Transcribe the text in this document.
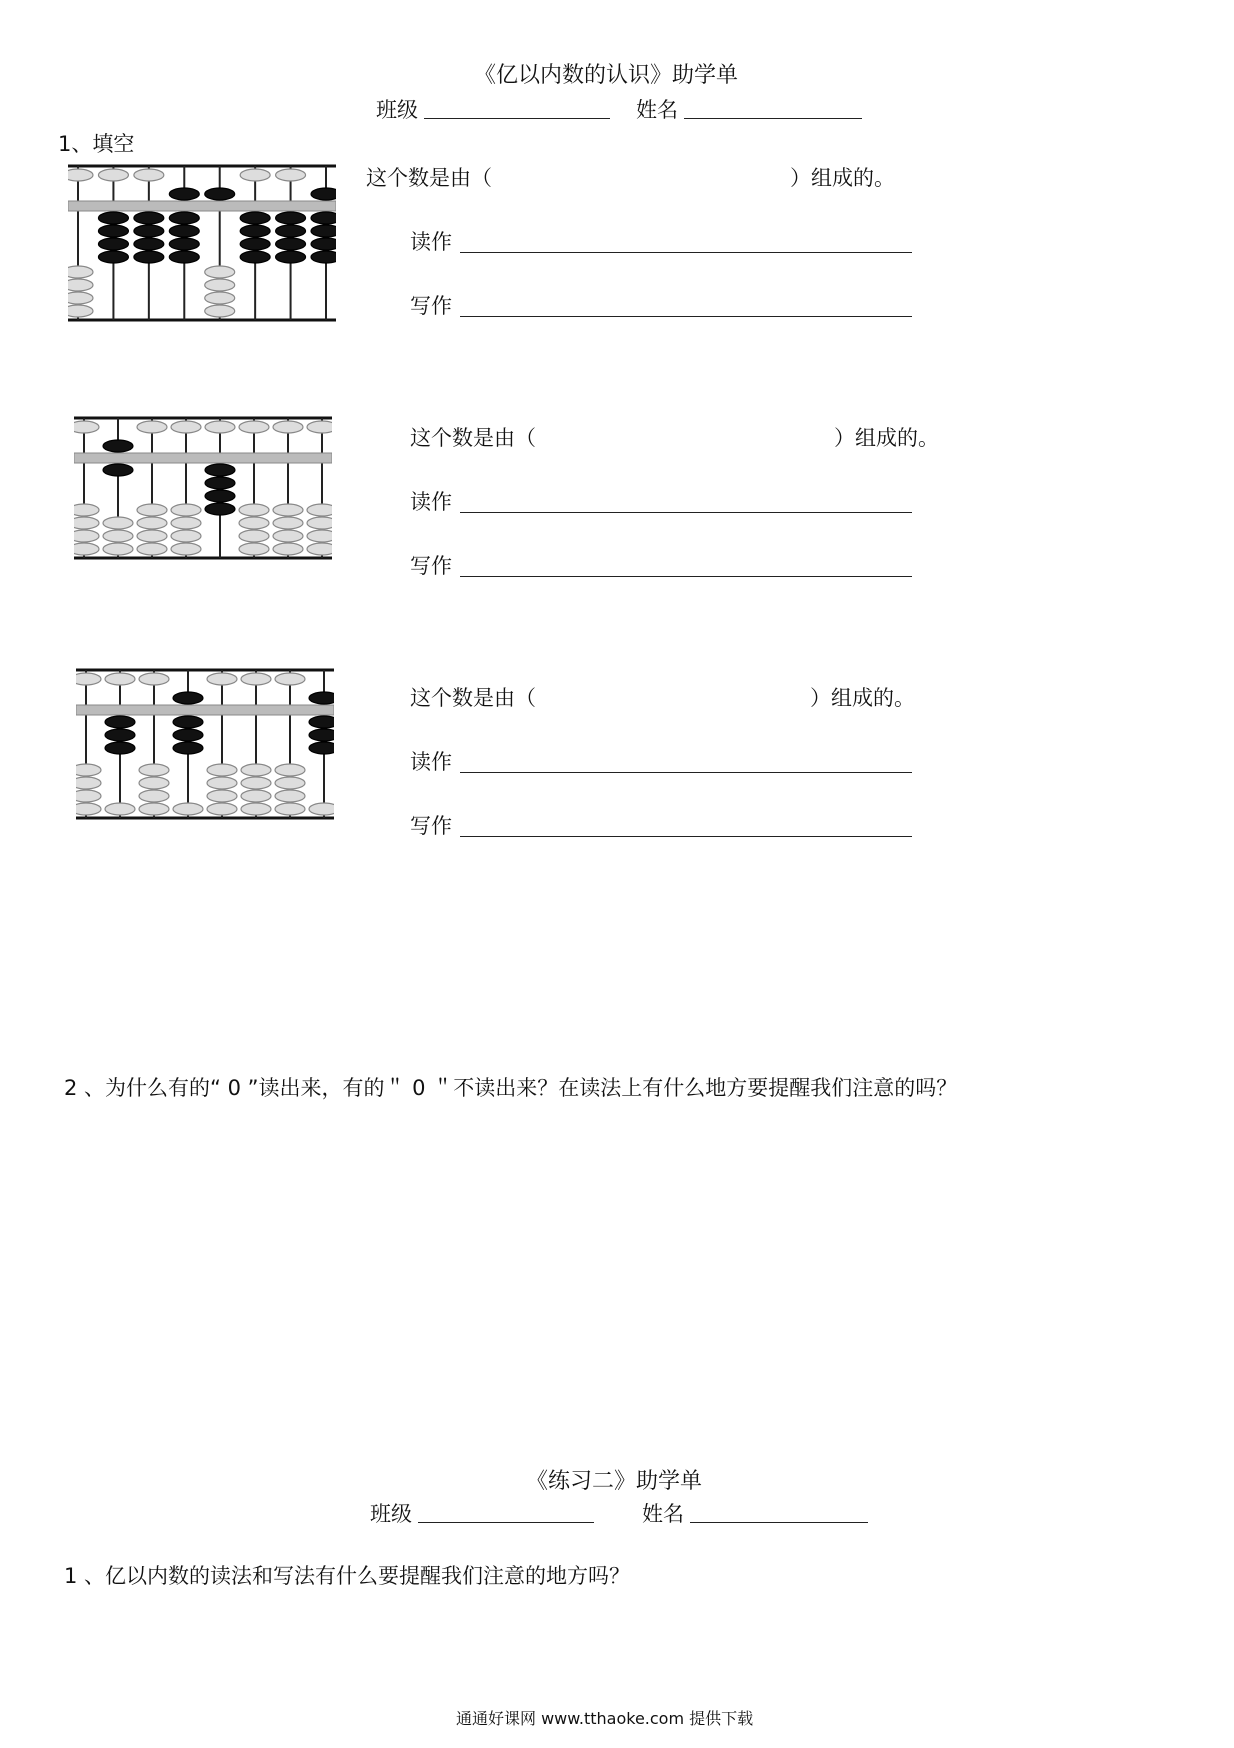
《亿以内数的认识》助学单
班级	姓名
1、填空
这个数是由（	）组成的。
读作
写作
这个数是由（	）组成的。
读作
写作
这个数是由（	）组成的。
读作
写作
2 、为什么有的“ 0 ”读出来，有的＂ 0 ＂不读出来？在读法上有什么地方要提醒我们注意的吗？
《练习二》助学单
班级	姓名
1 、亿以内数的读法和写法有什么要提醒我们注意的地方吗？
通通好课网 www.tthaoke.com 提供下载
